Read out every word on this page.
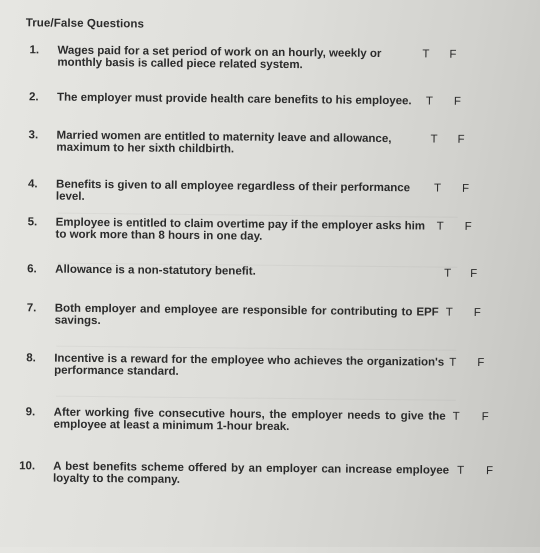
True/False Questions
1. Wages paid for a set period of work on an hourly, weekly or monthly basis is called piece related system.
T F
2. The employer must provide health care benefits to his employee.	T F
3. Married women are entitled to maternity leave and allowance, maximum to her sixth childbirth.
T F
4. Benefits is given to all employee regardless of their performance level.
T F
5. Employee is entitled to claim overtime pay if the employer asks him to work more than 8 hours in one day.
T F
6. Allowance is a non-statutory benefit.	T F
7. Both employer and employee are responsible for contributing to EPF savings.
T F
8. Incentive is a reward for the employee who achieves the organization's performance standard.
T F
9. After working five consecutive hours, the employer needs to give the employee at least a minimum 1-hour break.
T F
10. A best benefits scheme offered by an employer can increase employee loyalty to the company.
T F
